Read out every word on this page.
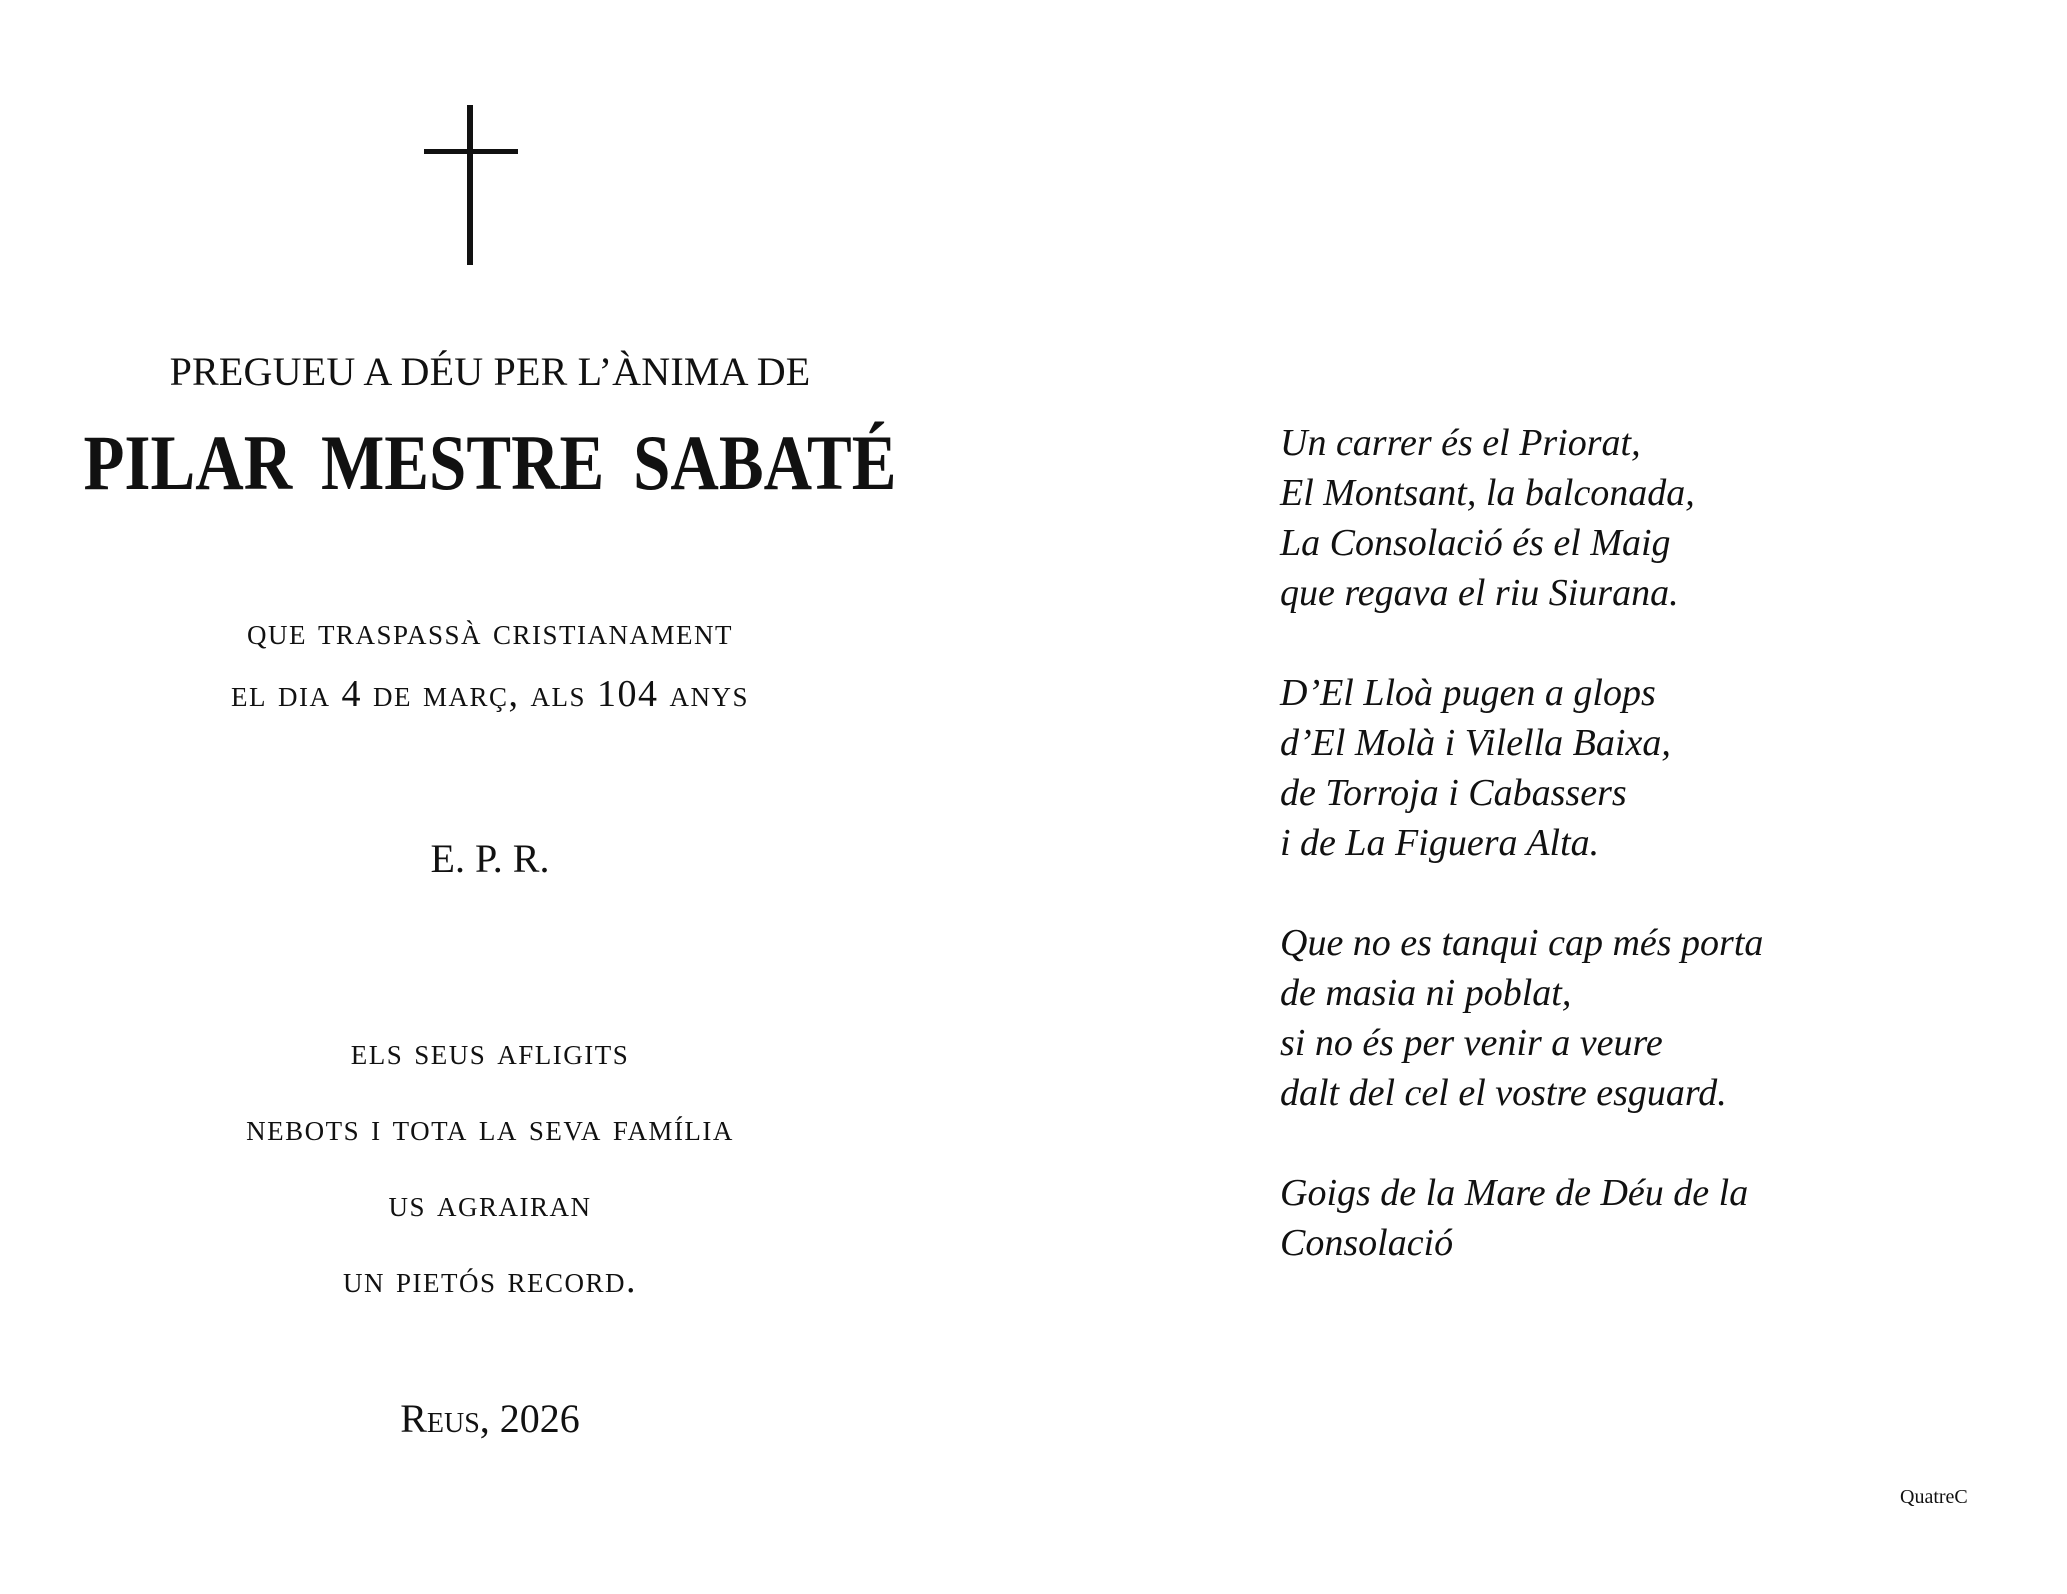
PREGUEU A DÉU PER L’ÀNIMA DE
PILAR MESTRE SABATÉ
que traspassà cristianament
el dia 4 de març, als 104 anys
E. P. R.
els seus afligits
nebots i tota la seva família
us agrairan
un pietós record.
Reus, 2026
Un carrer és el Priorat,
El Montsant, la balconada,
La Consolació és el Maig
que regava el riu Siurana.
D’El Lloà pugen a glops
d’El Molà i Vilella Baixa,
de Torroja i Cabassers
i de La Figuera Alta.
Que no es tanqui cap més porta
de masia ni poblat,
si no és per venir a veure
dalt del cel el vostre esguard.
Goigs de la Mare de Déu de la
Consolació
QuatreC
